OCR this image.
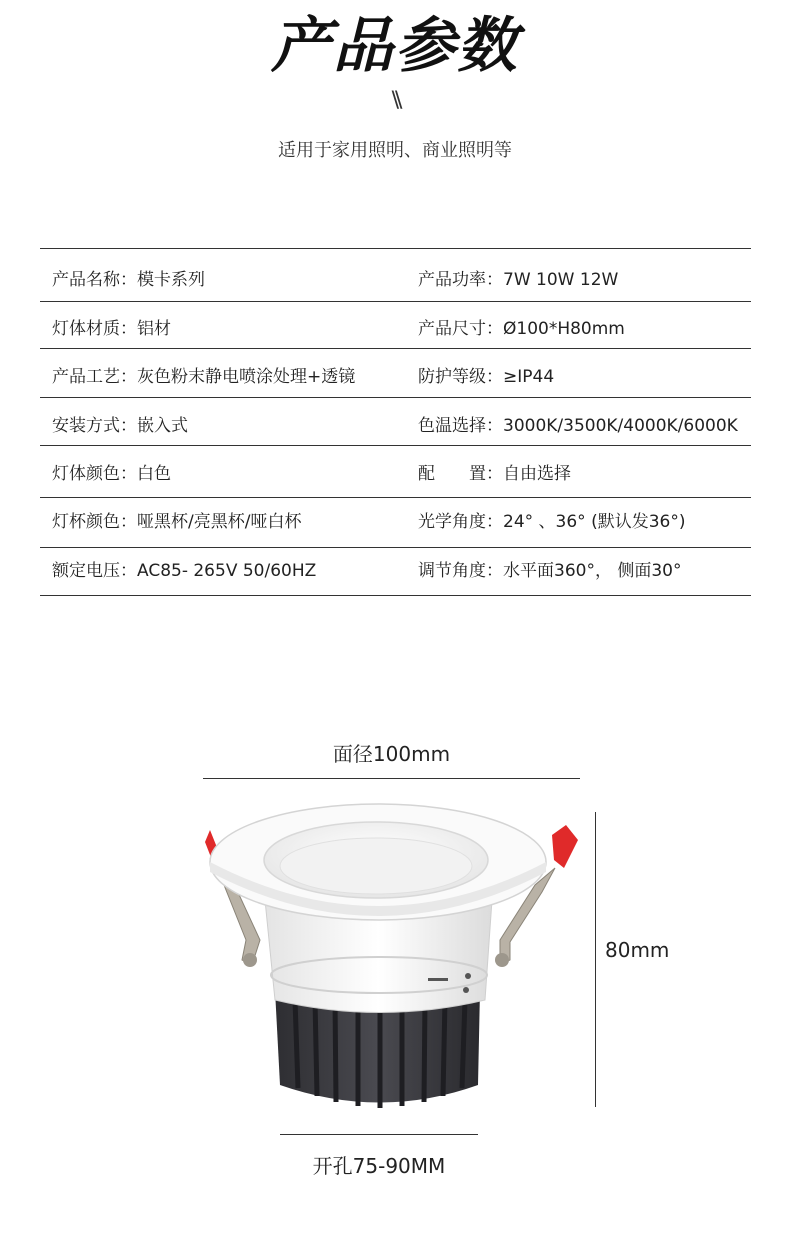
产品参数
\\
适用于家用照明、商业照明等
产品名称：模卡系列	产品功率：7W 10W 12W
灯体材质：铝材	产品尺寸：Ø100*H80mm
产品工艺：灰色粉末静电喷涂处理+透镜	防护等级：≥IP44
安装方式：嵌入式	色温选择：3000K/3500K/4000K/6000K
灯体颜色：白色	配　　置：自由选择
灯杯颜色：哑黑杯/亮黑杯/哑白杯	光学角度：24° 、36° (默认发36°)
额定电压：AC85- 265V 50/60HZ	调节角度：水平面360°， 侧面30°
面径100mm
80mm
开孔75-90MM
